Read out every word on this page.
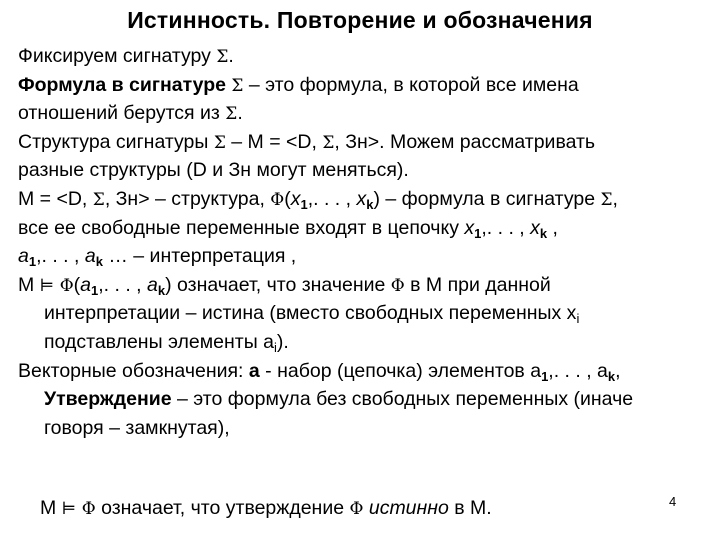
Истинность. Повторение и обозначения
Фиксируем сигнатуру Σ.
Формула в сигнатуре Σ – это формула, в которой все имена
отношений берутся из Σ.
Структура сигнатуры Σ – М = <D, Σ, Зн>. Можем рассматривать
разные структуры (D и Зн могут меняться).
М = <D, Σ, Зн> – структура, $\Phi(x_1$,. . . , $x_k$) – формула в сигнатуре Σ,
все ее свободные переменные входят в цепочку $x_1$,. . . , $x_k$ ,
$a_1$,. . . , $a_k$ … – интерпретация ,
М ⊨ $\Phi(a_1$,. . . , $a_k$) означает, что значение Φ в М при данной
интерпретации – истина (вместо свободных переменных $x_i$
подставлены элементы $a_i$).
Векторные обозначения: a - набор (цепочка) элементов $a_1$,. . . , $a_k$,
Утверждение – это формула без свободных переменных (иначе
говоря – замкнутая),
М ⊨ Φ означает, что утверждение Φ истинно в М.	4
